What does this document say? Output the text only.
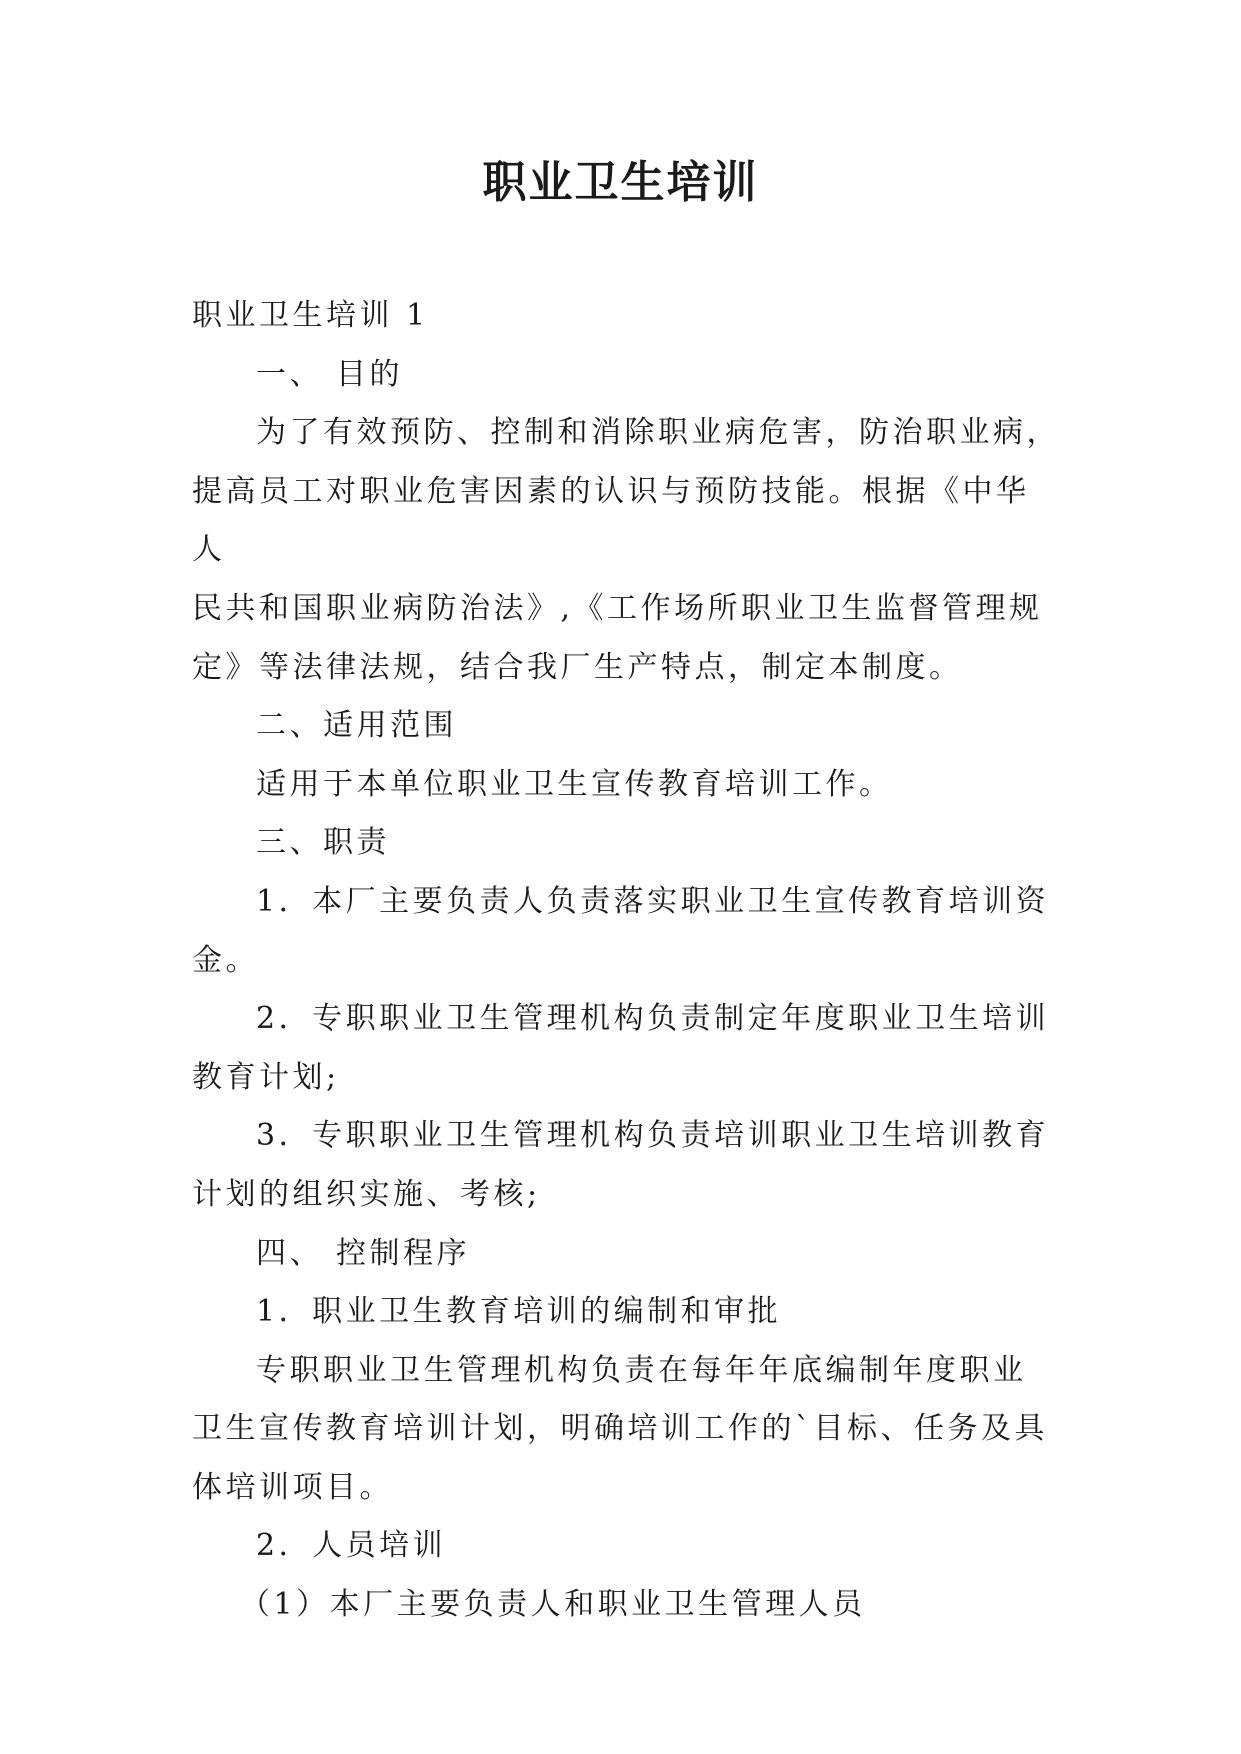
职业卫生培训

职业卫生培训 1

一、 目的

为了有效预防、控制和消除职业病危害，防治职业病，

提高员工对职业危害因素的认识与预防技能。根据《中华人

民共和国职业病防治法》,《工作场所职业卫生监督管理规

定》等法律法规，结合我厂生产特点，制定本制度。

二、适用范围

适用于本单位职业卫生宣传教育培训工作。

三、职责

1．本厂主要负责人负责落实职业卫生宣传教育培训资

金。

2．专职职业卫生管理机构负责制定年度职业卫生培训

教育计划;

3．专职职业卫生管理机构负责培训职业卫生培训教育

计划的组织实施、考核;

四、 控制程序

1．职业卫生教育培训的编制和审批

专职职业卫生管理机构负责在每年年底编制年度职业

卫生宣传教育培训计划，明确培训工作的`目标、任务及具

体培训项目。

2．人员培训

（1）本厂主要负责人和职业卫生管理人员
